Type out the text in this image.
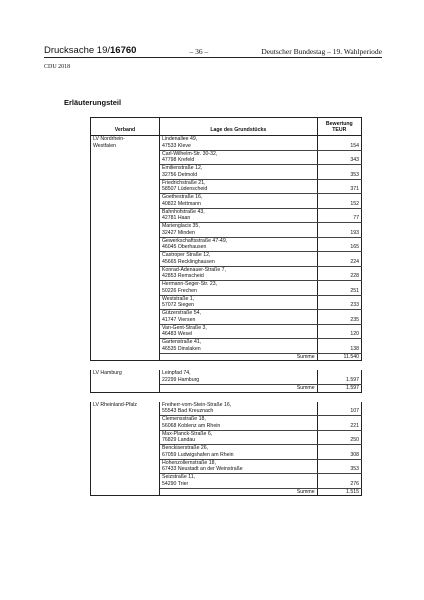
Drucksache 19/16760	– 36 –	Deutscher Bundestag – 19. Wahlperiode
CDU 2018
Erläuterungsteil
Verband	Lage des Grundstücks	Bewertung
TEUR

LV Nordrhein-
Westfalen	Lindenallee 49,
47533 Kleve	154

	Carl-Wilhelm-Str. 30-32,
47798 Krefeld	343

	Emilienstraße 12,
32756 Detmold	353

	Friedrichstraße 21,
58507 Lüdenscheid	371

	Goethestraße 16,
40822 Mettmann	152

	Bahnhofstraße 43,
42781 Haan	77

	Marienglacis 35,
32427 Minden	193

	Gewerkschaftsstraße 47-49,
46045 Oberhausen	165

	Castroper Straße 12,
45665 Recklinghausen	224

	Konrad-Adenauer-Straße 7,
42853 Remscheid	228

	Hermann-Seger-Str. 23,
50226 Frechen	251

	Weststraße 1,
57072 Siegen	233

	Gützerstraße 54,
41747 Viersen	235

	Van-Gent-Straße 3,
46483 Wesel	120

	Gartenstraße 41,
46535 Dinslaken	138
	Summe	11.540

LV Hamburg	Leinpfad 74,
22299 Hamburg	1.597
	Summe	1.597

LV Rheinland-Pfalz	Freiherr-vom-Stein-Straße 16,
55543 Bad Kreuznach	107

	Clemensstraße 18,
56068 Koblenz am Rhein	221

	Max-Planck-Straße 6,
76829 Landau	250

	Benckiserstraße 26,
67059 Ludwigshafen am Rhein	308

	Hohenzollernstraße 18,
67433 Neustadt an der Weinstraße	353

	Seizstraße 11,
54290 Trier	276
	Summe	1.515
